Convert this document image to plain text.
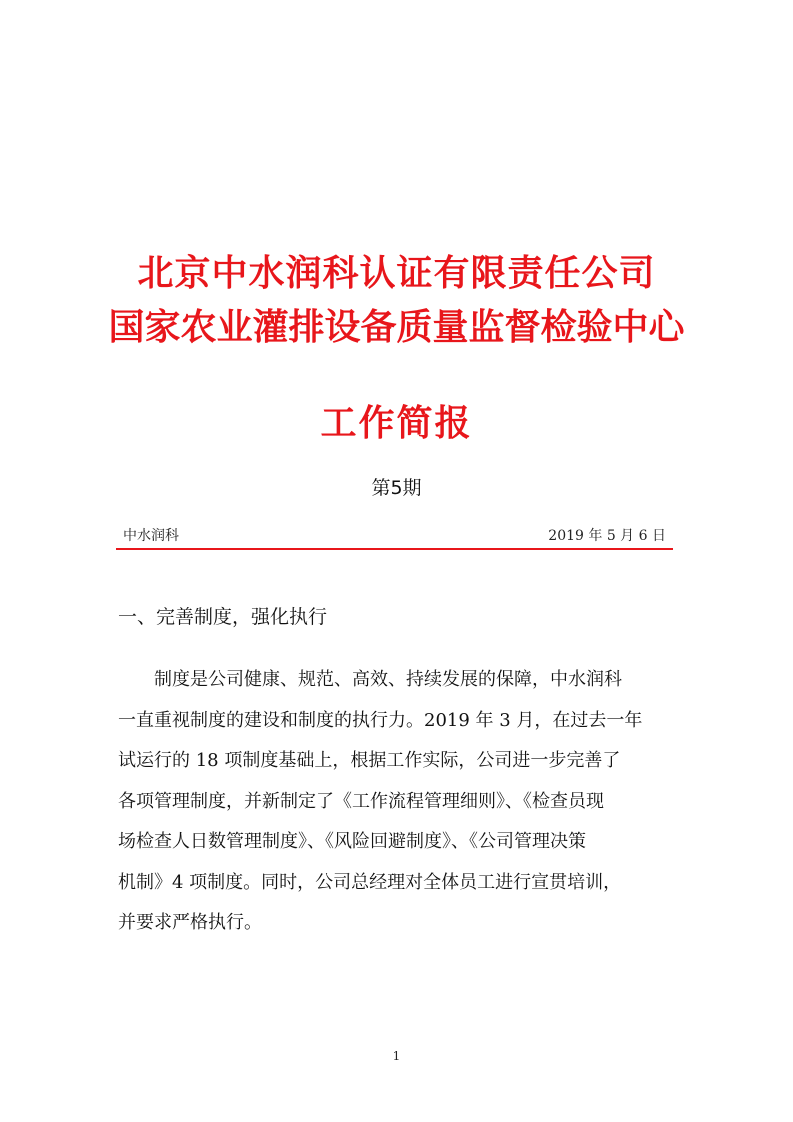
北京中水润科认证有限责任公司
国家农业灌排设备质量监督检验中心
工作简报
第5期
中水润科	2019 年 5 月 6 日
一、完善制度，强化执行
制度是公司健康、规范、高效、持续发展的保障，中水润科
一直重视制度的建设和制度的执行力。2019 年 3 月，在过去一年
试运行的 18 项制度基础上，根据工作实际，公司进一步完善了
各项管理制度，并新制定了《工作流程管理细则》、《检查员现
场检查人日数管理制度》、《风险回避制度》、《公司管理决策
机制》4 项制度。同时，公司总经理对全体员工进行宣贯培训，
并要求严格执行。
1
